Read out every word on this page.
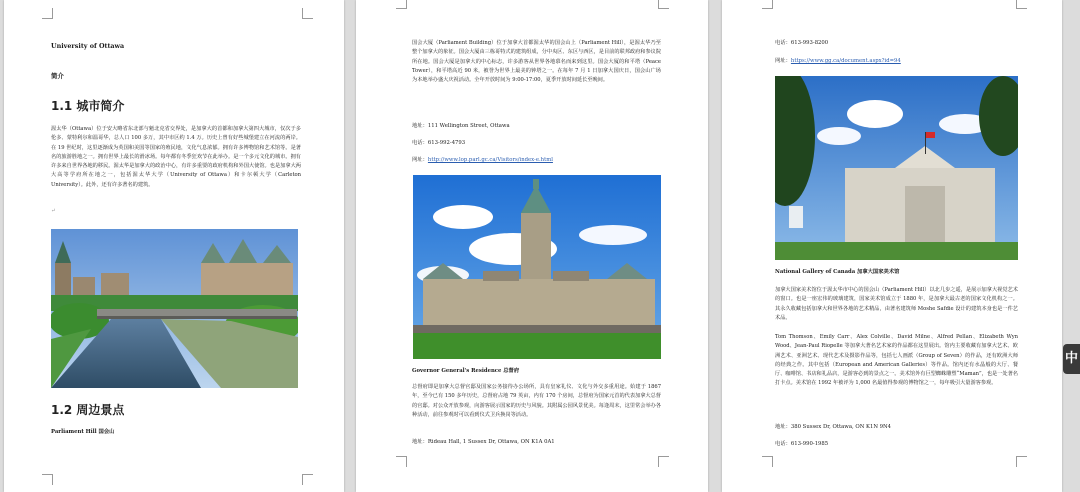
University of Ottawa
简介
1.1 城市简介
渥太华（Ottawa）位于安大略省东北部与魁北克省交界处，是加拿大的首都和加拿大第四大城市，仅次于多伦多、蒙特利尔和温哥华，总人口 100 多万，其中市区约 1.4 万。历史上曾有好些城堡建立在河流的两岸。在 19 世纪时，这里逐渐成为英国和美国等国家的殖民地，文化气息浓郁。拥有许多博物馆和艺术馆等。是著名的旅游胜地之一。拥有世界上最长的滑冰场。每年都有冬季狂欢节在此举办。是一个多元文化的城市。拥有许多来自世界各地的移民。渥太华是加拿大的政治中心，有许多重要的政府机构和外国大使馆。也是加拿大两大高等学府所在地之一，包括渥太华大学（University of Ottawa）和卡尔顿大学（Carleton University）。此外，还有许多著名的建筑。
↵
1.2 周边景点
Parliament Hill 国会山
国会大厦（Parliament Building）位于加拿大首都渥太华的国会山上（Parliament Hill），是渥太华乃至整个加拿大的象征。国会大厦由三栋哥特式的建筑组成，分中央区、东区与西区，是目前的联邦政府和参议院所在地。国会大厦是加拿大的中心标志，许多游客从世界各地慕名而来到这里。国会大厦的和平塔（Peace Tower），和平塔高近 90 米，被誉为世界上最美的钟塔之一。在每年 7 月 1 日加拿大国庆日，国会山广场为本地举办盛大庆祝活动。全年开放时间为 9:00-17:00，夏季开放时间延长至晚间。
地址：111 Wellington Street, Ottawa
电话：613-992-4793
网址：http://www.lop.parl.gc.ca/Visitors/index-e.html
Governor General's Residence 总督府
总督府即是加拿大总督官邸及国家公务接待办公场所，具有皇家礼仪、文化与外交多重用途。始建于 1867 年，至今已有 150 多年历史，总督府占地 79 英亩，内有 170 个房间，总督府为国家元首的代表加拿大总督的官邸。对公众开放参观，向游客展示国家的历史与风貌。其附属公园风景优美。每逢周末，这里常会举办各种活动，前往参观时可以看到仪式卫兵换岗等活动。
地址：Rideau Hall, 1 Sussex Dr, Ottawa, ON K1A 0A1
电话：613-993-8200
网址：https://www.gg.ca/document.aspx?id=94
National Gallery of Canada 加拿大国家美术馆
加拿大国家美术馆位于渥太华市中心的国会山（Parliament Hill）以北几步之遥，是展示加拿大视觉艺术的窗口。也是一座宏伟的玻璃建筑，国家美术馆成立于 1880 年，是加拿大最古老的国家文化机构之一。其永久收藏包括加拿大和世界各地的艺术精品，由著名建筑师 Moshe Safdie 设计的建筑本身也是一件艺术品。
Tom Thomson、Emily Carr、Alex Colville、David Milne、Alfred Pellan、Elizabeth Wyn Wood、Jean-Paul Riopelle 等加拿大著名艺术家的作品都在这里展出。馆内主要收藏有加拿大艺术、欧洲艺术、亚洲艺术、现代艺术及摄影作品等，包括七人画派（Group of Seven）的作品，还有欧洲大师的经典之作。其中包括（European and American Galleries）等作品。馆内还有水晶般的大厅、餐厅、咖啡馆、书店和礼品店，是游客必到的景点之一。美术馆外有巨型蜘蛛雕塑“Maman”，也是一处著名打卡点。美术馆在 1992 年被评为 1,000 名最值得参观的博物馆之一，每年吸引大量游客参观。
地址：380 Sussex Dr, Ottawa, ON K1N 9N4
电话：613-990-1985
中
